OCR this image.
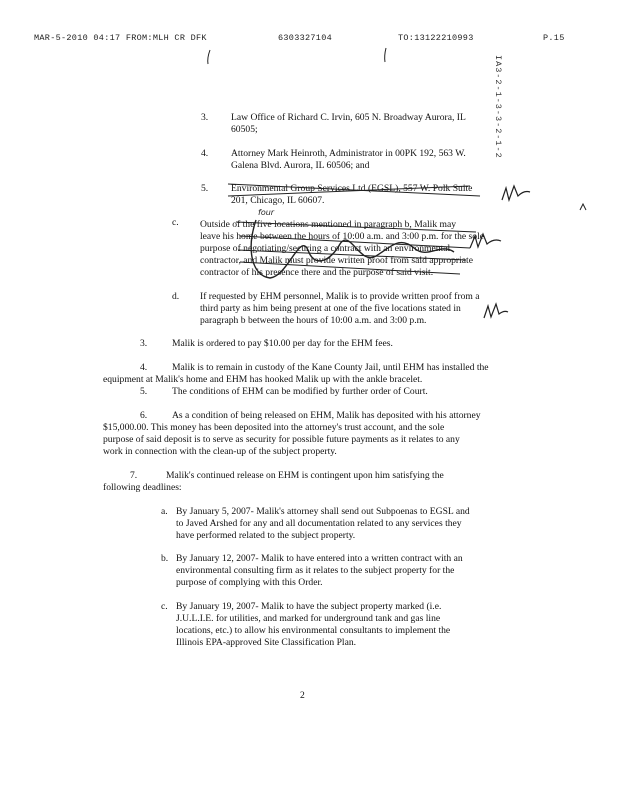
MAR-5-2010 04:17 FROM:MLH CR DFK	6303327104	TO:13122210993	P.15
IA3-2-1-3-3-2-1-2
3. Law Office of Richard C. Irvin, 605 N. Broadway Aurora, IL
60505;
4. Attorney Mark Heinroth, Administrator in 00PK 192, 563 W.
Galena Blvd. Aurora, IL 60506; and
5. Environmental Group Services Ltd (EGSL), 557 W. Polk Suite
201, Chicago, IL 60607.
c. Outside of the five locations mentioned in paragraph b, Malik may
leave his home between the hours of 10:00 a.m. and 3:00 p.m. for the sole
purpose of negotiating/securing a contract with an environmental
contractor, and Malik must provide written proof from said appropriate
contractor of his presence there and the purpose of said visit.
four
d. If requested by EHM personnel, Malik is to provide written proof from a
third party as him being present at one of the five locations stated in
paragraph b between the hours of 10:00 a.m. and 3:00 p.m.
3.	Malik is ordered to pay $10.00 per day for the EHM fees.
4.	Malik is to remain in custody of the Kane County Jail, until EHM has installed the
equipment at Malik's home and EHM has hooked Malik up with the ankle bracelet.
5.	The conditions of EHM can be modified by further order of Court.
6.	As a condition of being released on EHM, Malik has deposited with his attorney
$15,000.00. This money has been deposited into the attorney's trust account, and the sole
purpose of said deposit is to serve as security for possible future payments as it relates to any
work in connection with the clean-up of the subject property.
7.	Malik's continued release on EHM is contingent upon him satisfying the
following deadlines:
a. By January 5, 2007- Malik's attorney shall send out Subpoenas to EGSL and
to Javed Arshed for any and all documentation related to any services they
have performed related to the subject property.
b. By January 12, 2007- Malik to have entered into a written contract with an
environmental consulting firm as it relates to the subject property for the
purpose of complying with this Order.
c. By January 19, 2007- Malik to have the subject property marked (i.e.
J.U.L.I.E. for utilities, and marked for underground tank and gas line
locations, etc.) to allow his environmental consultants to implement the
Illinois EPA-approved Site Classification Plan.
2
